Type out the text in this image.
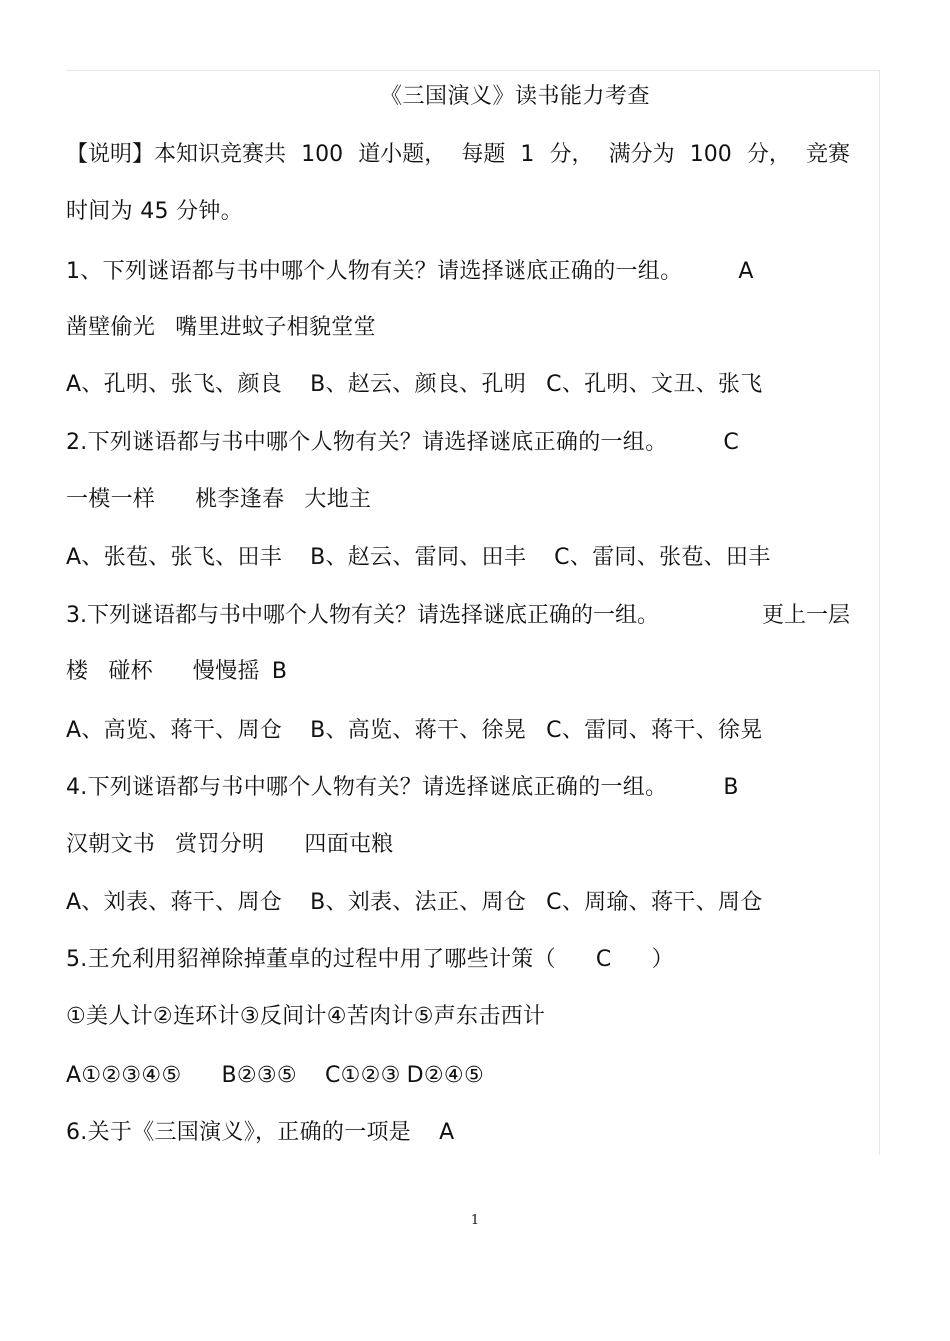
《三国演义》读书能力考查
【说明】本知识竞赛共 100 道小题， 每题 1 分， 满分为 100 分， 竞赛
时间为 45 分钟。
1、下列谜语都与书中哪个人物有关？请选择谜底正确的一组。	A
凿壁偷光 嘴里进蚊子相貌堂堂
A、孔明、张飞、颜良 B、赵云、颜良、孔明 C、孔明、文丑、张飞
2.下列谜语都与书中哪个人物有关？请选择谜底正确的一组。	C
一模一样 桃李逢春 大地主
A、张苞、张飞、田丰 B、赵云、雷同、田丰 C、雷同、张苞、田丰
3.下列谜语都与书中哪个人物有关？请选择谜底正确的一组。	更上一层
楼 碰杯 慢慢摇 B
A、高览、蒋干、周仓 B、高览、蒋干、徐晃 C、雷同、蒋干、徐晃
4.下列谜语都与书中哪个人物有关？请选择谜底正确的一组。	B
汉朝文书 赏罚分明 四面屯粮
A、刘表、蒋干、周仓 B、刘表、法正、周仓 C、周瑜、蒋干、周仓
5.王允利用貂禅除掉董卓的过程中用了哪些计策（ C ）
①美人计②连环计③反间计④苦肉计⑤声东击西计
A①②③④⑤ B②③⑤ C①②③ D②④⑤
6.关于《三国演义》，正确的一项是 A
1
